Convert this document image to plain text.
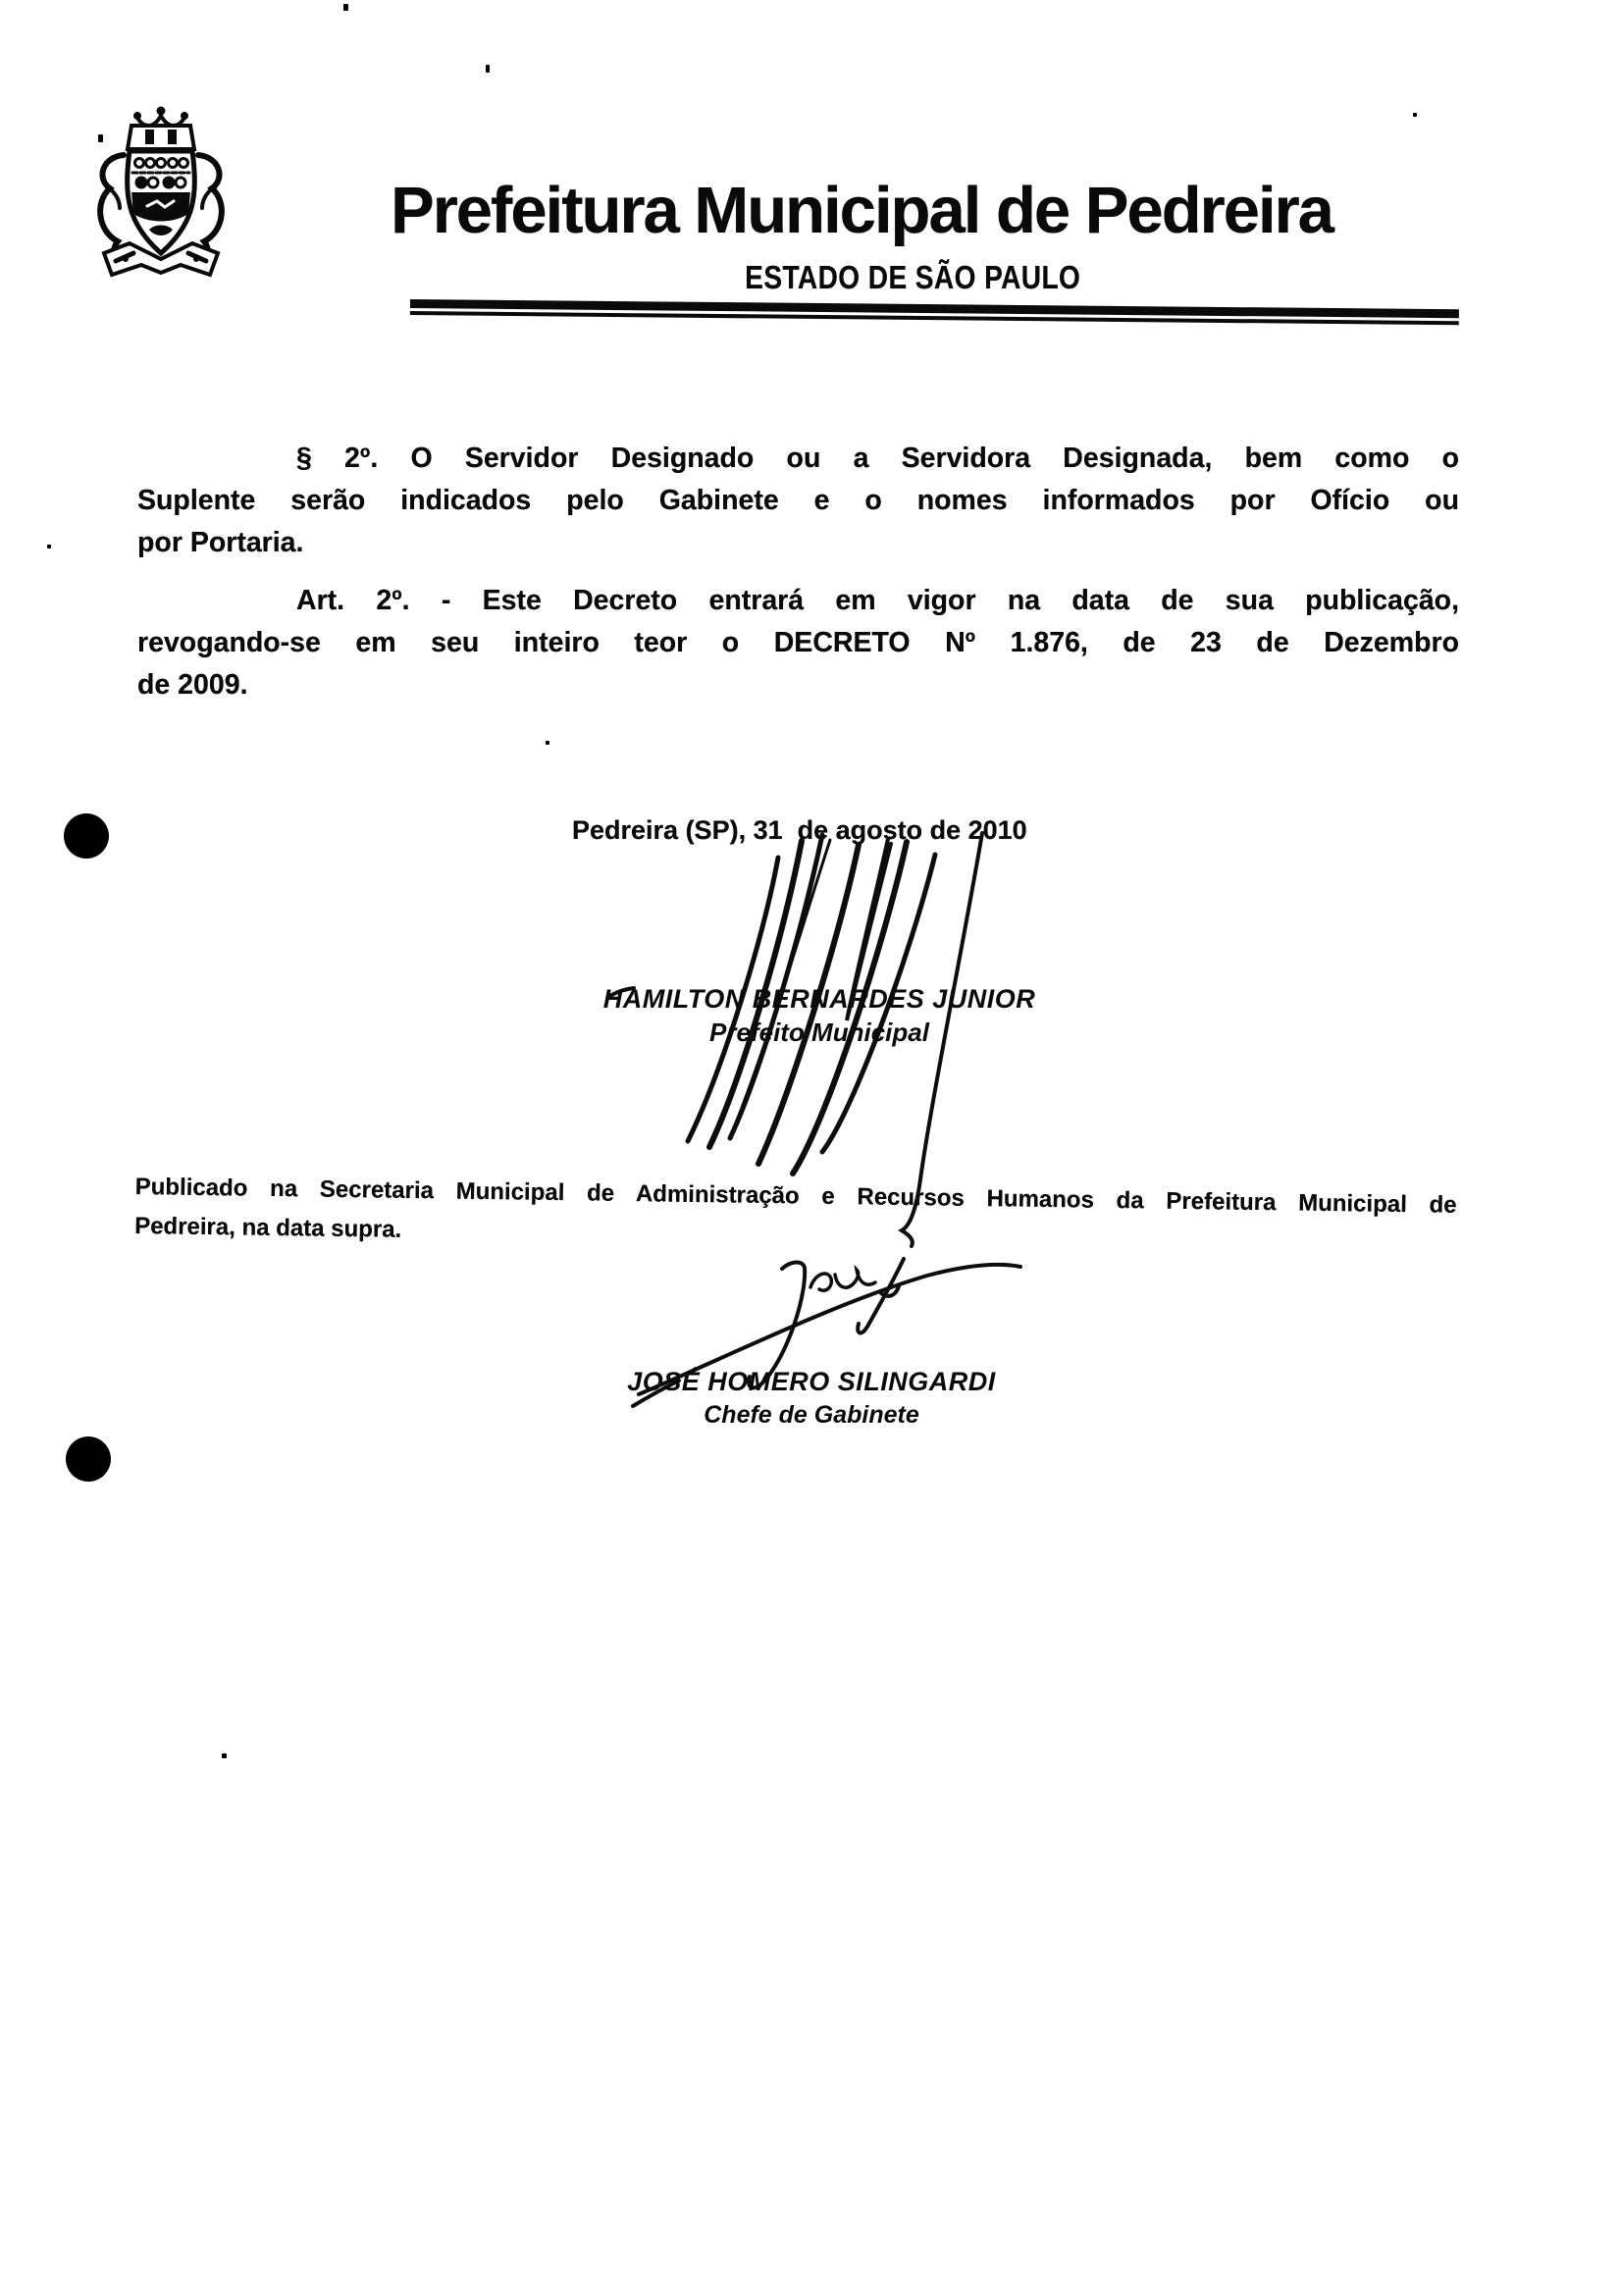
Prefeitura Municipal de Pedreira
ESTADO DE SÃO PAULO
§ 2º. O Servidor Designado ou a Servidora Designada, bem como o
Suplente serão indicados pelo Gabinete e o nomes informados por Ofício ou
por Portaria.
Art. 2º. - Este Decreto entrará em vigor na data de sua publicação,
revogando-se em seu inteiro teor o DECRETO Nº 1.876, de 23 de Dezembro
de 2009.
Pedreira (SP), 31  de agosto de 2010
HAMILTON BERNARDES JUNIOR
Prefeito Municipal
Publicado na Secretaria Municipal de Administração e Recursos Humanos da Prefeitura Municipal de
Pedreira, na data supra.
JOSÉ HOMERO SILINGARDI
Chefe de Gabinete
